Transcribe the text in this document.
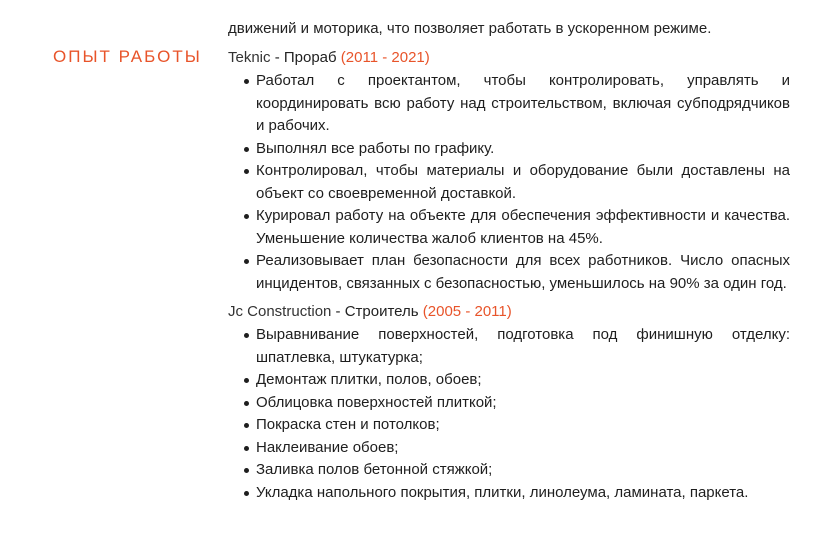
движений и моторика, что позволяет работать в ускоренном режиме.

ОПЫТ РАБОТЫ Teknic - Прораб (2011 - 2021)

Работал с проектантом, чтобы контролировать, управлять и координировать всю работу над строительством, включая субподрядчиков и рабочих.
Выполнял все работы по графику.
Контролировал, чтобы материалы и оборудование были доставлены на объект со своевременной доставкой.
Курировал работу на объекте для обеспечения эффективности и качества. Уменьшение количества жалоб клиентов на 45%.
Реализовывает план безопасности для всех работников. Число опасных инцидентов, связанных с безопасностью, уменьшилось на 90% за один год.

Jc Construction - Строитель (2005 - 2011)

Выравнивание поверхностей, подготовка под финишную отделку: шпатлевка, штукатурка;
Демонтаж плитки, полов, обоев;
Облицовка поверхностей плиткой;
Покраска стен и потолков;
Наклеивание обоев;
Заливка полов бетонной стяжкой;
Укладка напольного покрытия, плитки, линолеума, ламината, паркета.
